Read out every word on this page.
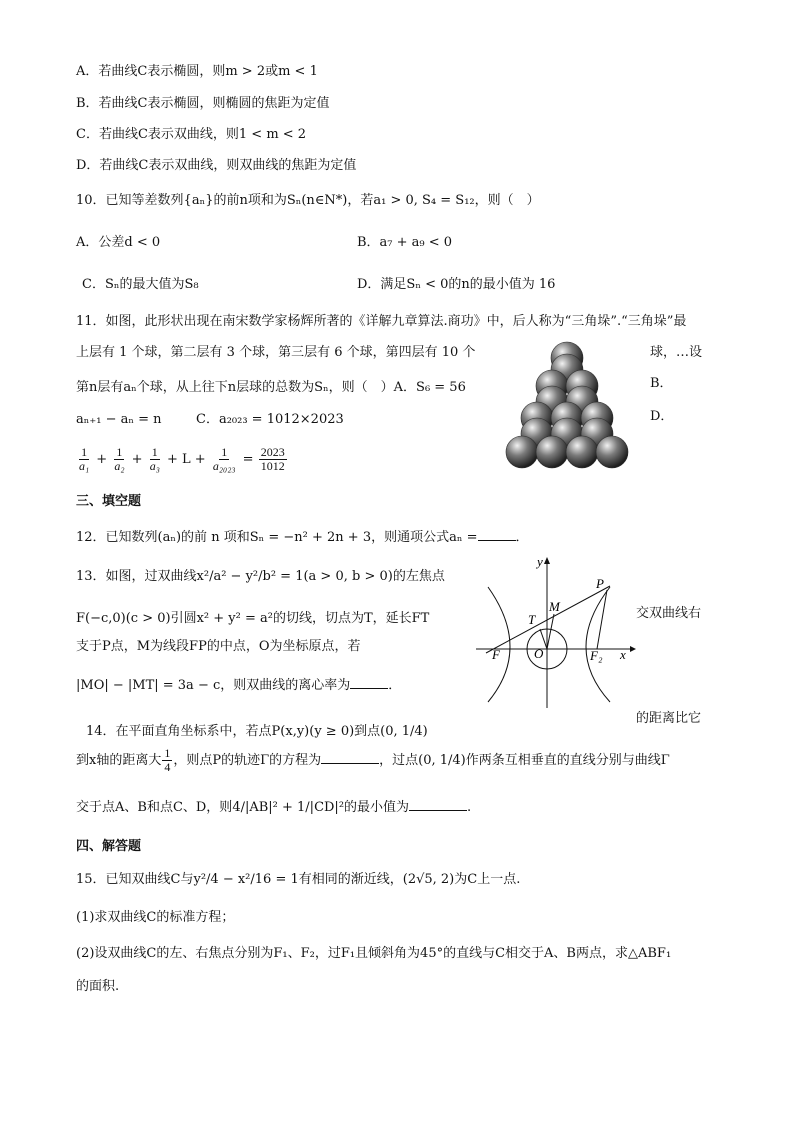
A．若曲线C表示椭圆，则m > 2或m < 1
B．若曲线C表示椭圆，则椭圆的焦距为定值
C．若曲线C表示双曲线，则1 < m < 2
D．若曲线C表示双曲线，则双曲线的焦距为定值
10．已知等差数列{aₙ}的前n项和为Sₙ(n∈N*)，若a₁ > 0, S₄ = S₁₂，则（　）
A．公差d < 0	B．a₇ + a₉ < 0
C．Sₙ的最大值为S₈	D．满足Sₙ < 0的n的最小值为 16
11．如图，此形状出现在南宋数学家杨辉所著的《详解九章算法.商功》中，后人称为“三角垛”.“三角垛”最
上层有 1 个球，第二层有 3 个球，第三层有 6 个球，第四层有 10 个	球，…设
第n层有aₙ个球，从上往下n层球的总数为Sₙ，则（　）A．S₆ = 56	B．
aₙ₊₁ − aₙ = n	C．a₂₀₂₃ = 1012×2023	D．
$\frac{1}{\text{a₁}} + \frac{1}{\text{a₂}} + \frac{1}{\text{a₃}} + L + \frac{1}{\text{a₂₀₂₃}} = \frac{2023}{1012}$
三、填空题
12．已知数列(aₙ)的前 n 项和Sₙ = −n² + 2n + 3，则通项公式aₙ =	．
13．如图，过双曲线x²/a² − y²/b² = 1(a > 0, b > 0)的左焦点
F(−c,0)(c > 0)引圆x² + y² = a²的切线，切点为T，延长FT	交双曲线右
支于P点，M为线段FP的中点，O为坐标原点，若
|MO| − |MT| = 3a − c，则双曲线的离心率为	．
y
x
P
M
T
F	O	F₂
14．在平面直角坐标系中，若点P(x,y)(y ≥ 0)到点(0, 1/4)
的距离比它
到x轴的距离大 $\frac{1}{4}$ ，则点P的轨迹Γ的方程为	，过点(0, 1/4)作两条互相垂直的直线分别与曲线Γ
交于点A、B和点C、D，则4/|AB|² + 1/|CD|²的最小值为	.
四、解答题
15．已知双曲线C与y²/4 − x²/16 = 1有相同的渐近线，(2√5, 2)为C上一点.
(1)求双曲线C的标准方程；
(2)设双曲线C的左、右焦点分别为F₁、F₂，过F₁且倾斜角为45°的直线与C相交于A、B两点，求△ABF₁
的面积.
